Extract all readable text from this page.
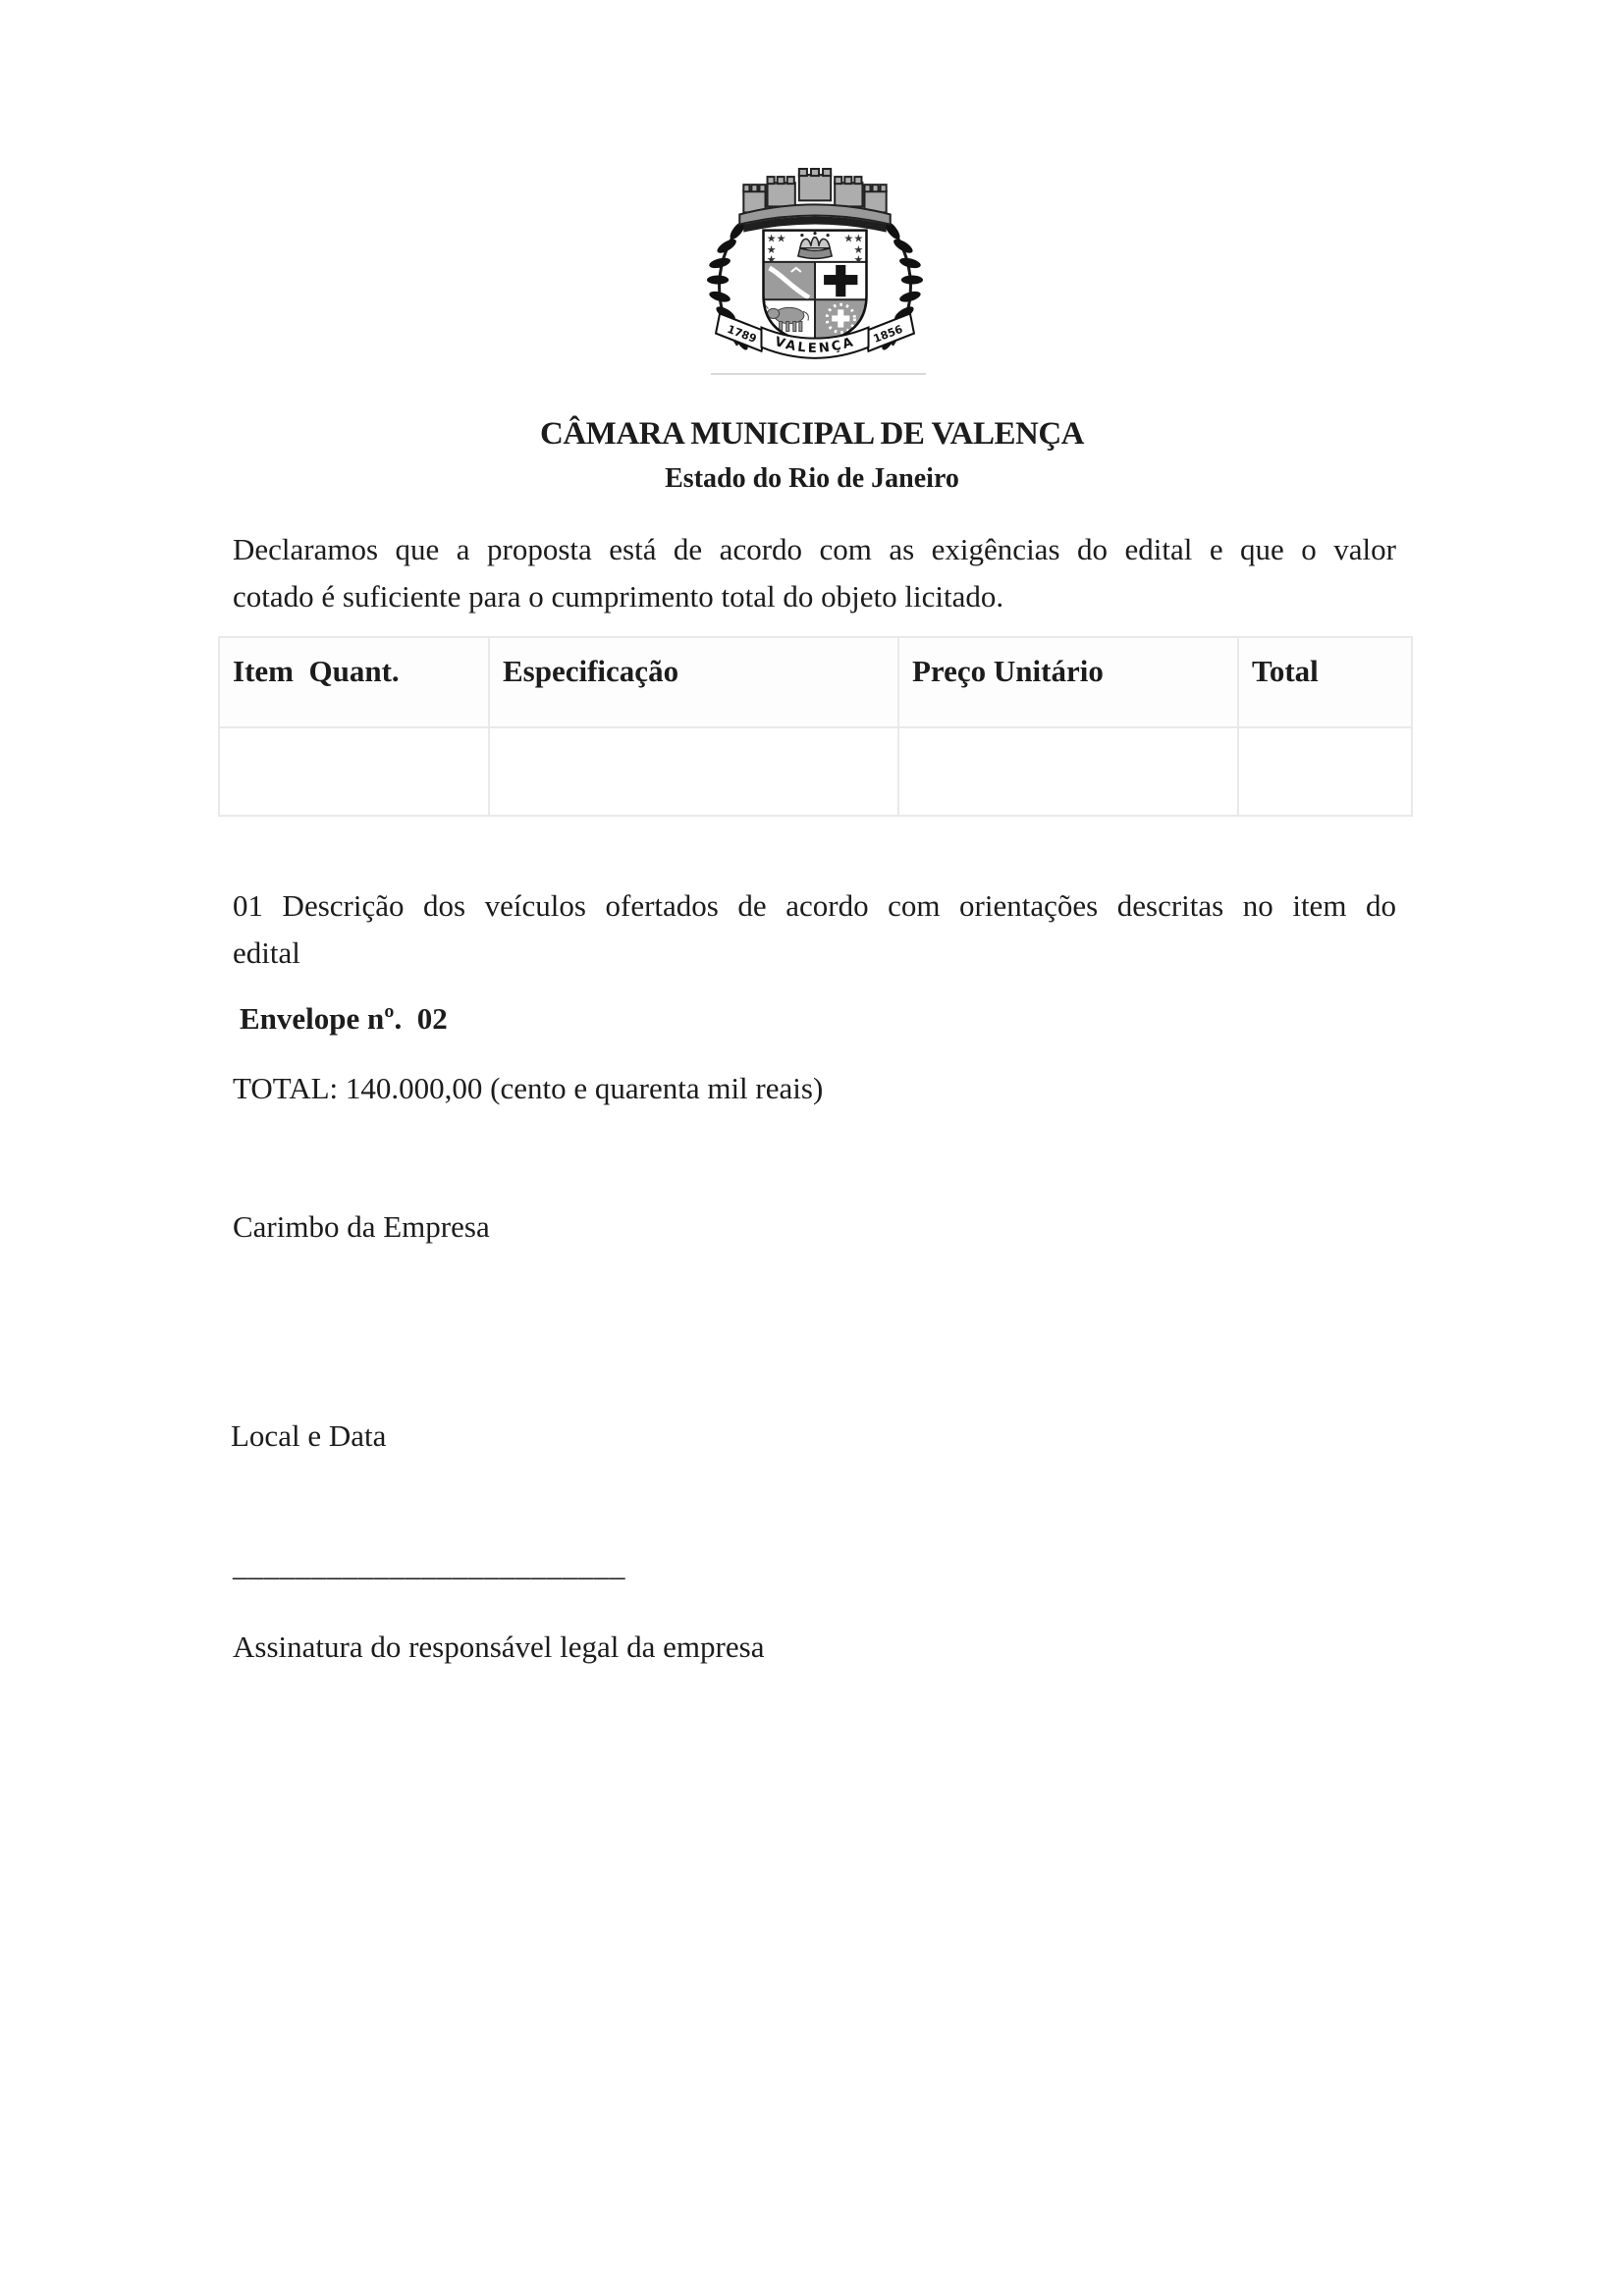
★
★
★
★	★
★
★
★
1789	1856
VALENÇA
CÂMARA MUNICIPAL DE VALENÇA
Estado do Rio de Janeiro
Declaramos que a proposta está de acordo com as exigências do edital e que o valor
cotado é suficiente para o cumprimento total do objeto licitado.
Item  Quant.	Especificação	Preço Unitário	Total

01 Descrição dos veículos ofertados de acordo com orientações descritas no item do
edital
Envelope nº.  02
TOTAL: 140.000,00 (cento e quarenta mil reais)
Carimbo da Empresa
Local e Data
_________________________
Assinatura do responsável legal da empresa
